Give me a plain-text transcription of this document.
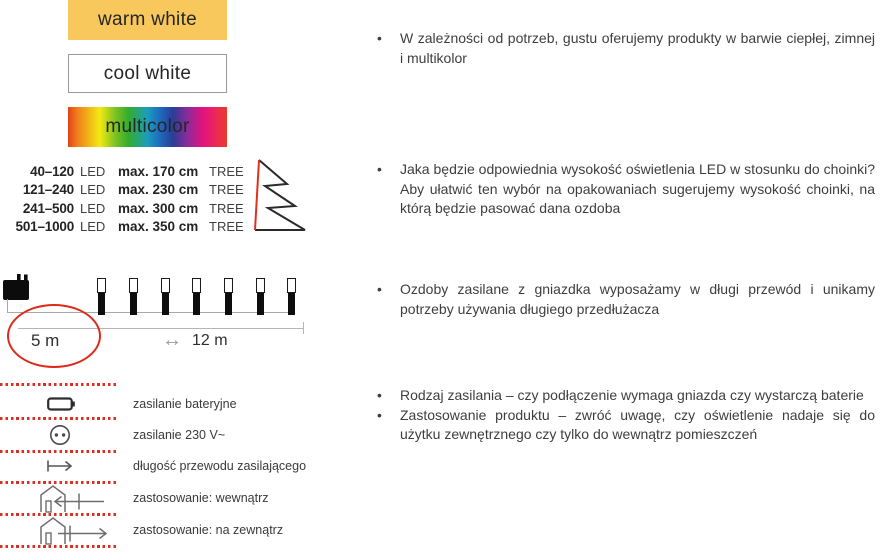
warm white
cool white
multicolor
40–120 LED max. 170 cm TREE
121–240 LED max. 230 cm TREE
241–500 LED max. 300 cm TREE
501–1000 LED max. 350 cm TREE
5 m	↔ 12 m
zasilanie bateryjne
zasilanie 230 V~
długość przewodu zasilającego
zastosowanie: wewnątrz
zastosowanie: na zewnątrz
•	W zależności od potrzeb, gustu oferujemy produkty w barwie ciepłej, zimnej i multikolor

•	Jaka będzie odpowiednia wysokość oświetlenia LED w stosunku do choinki? Aby ułatwić ten wybór na opakowaniach sugerujemy wysokość choinki, na którą będzie pasować dana ozdoba

•	Ozdoby zasilane z gniazdka wyposażamy w długi przewód i unikamy potrzeby używania długiego przedłużacza

•	Rodzaj zasilania – czy podłączenie wymaga gniazda czy wystarczą baterie

•	Zastosowanie produktu – zwróć uwagę, czy oświetlenie nadaje się do użytku zewnętrznego czy tylko do wewnątrz pomieszczeń
